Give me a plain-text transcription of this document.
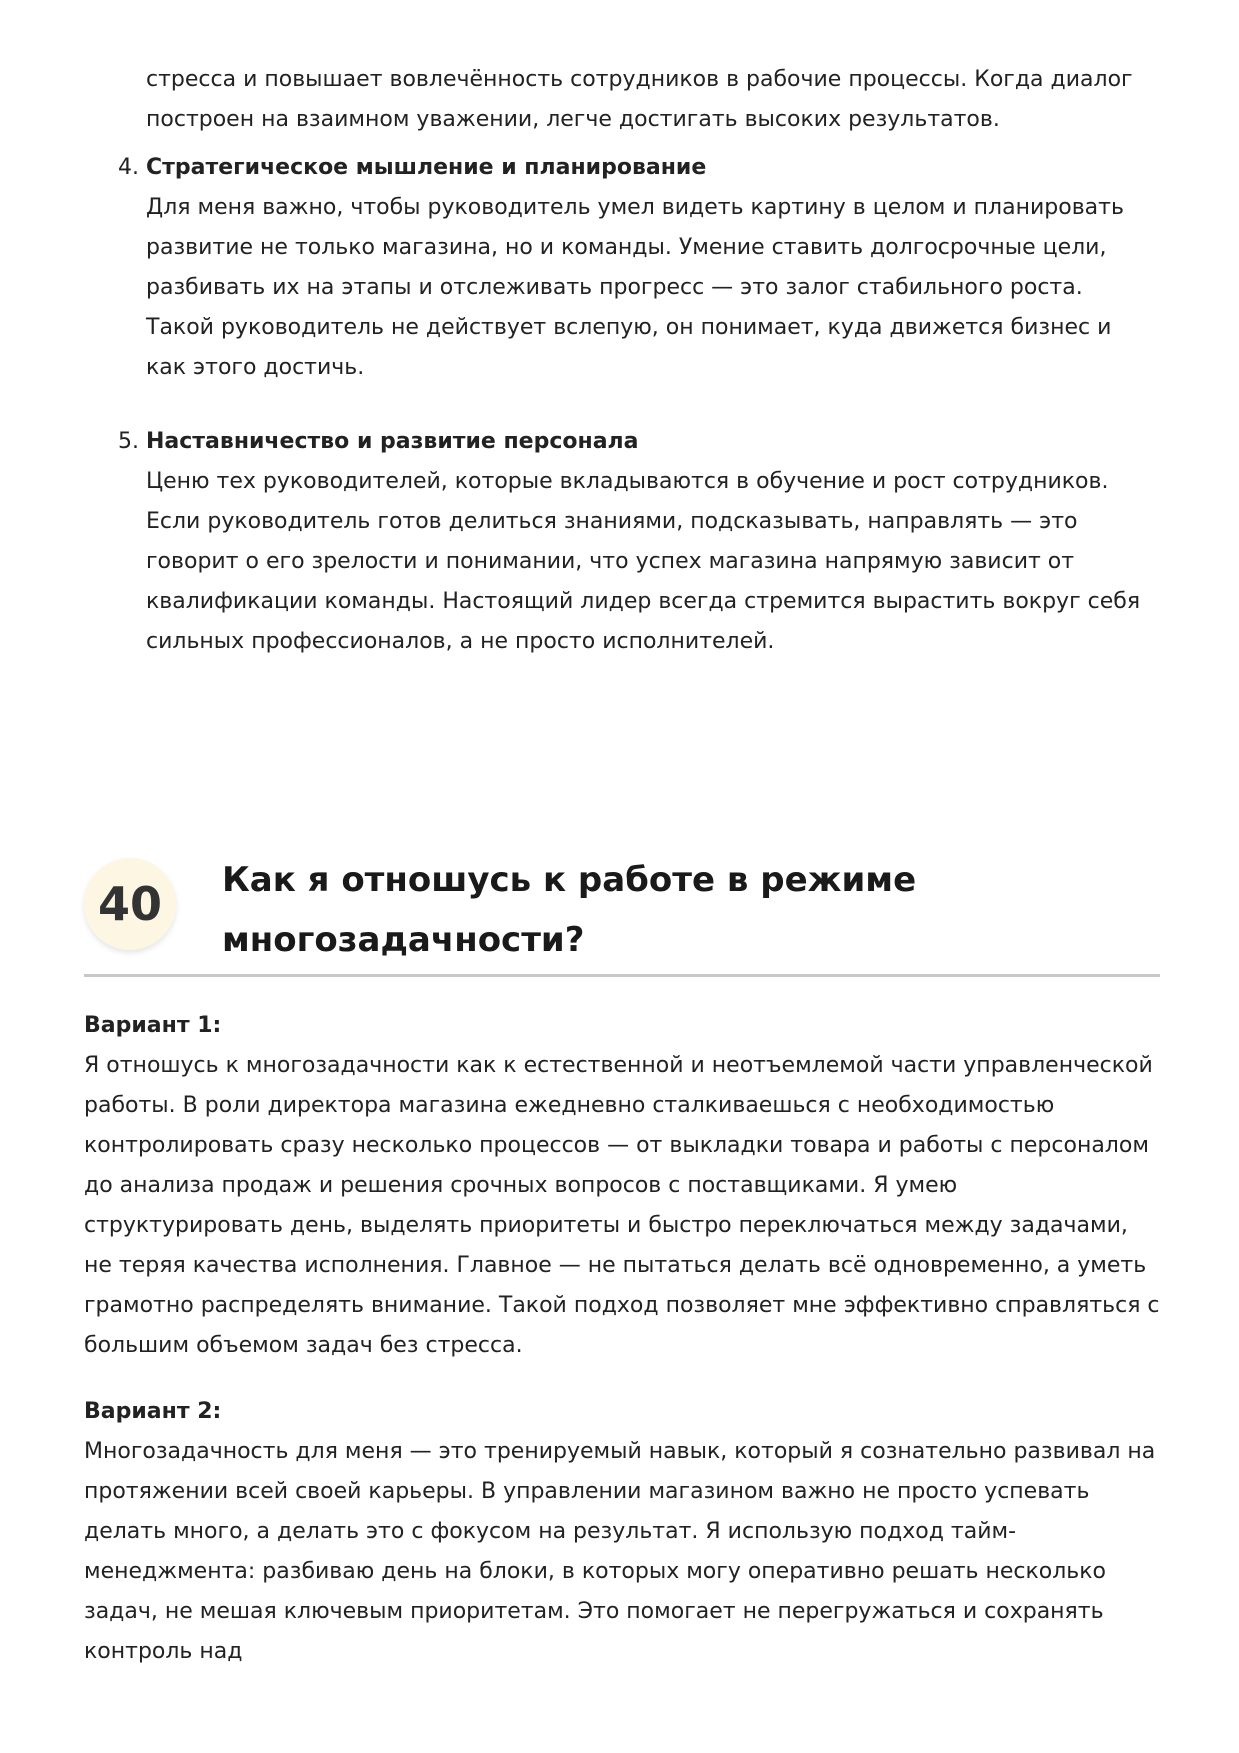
стресса и повышает вовлечённость сотрудников в рабочие процессы. Когда диалог построен на взаимном уважении, легче достигать высоких результатов.

4. Стратегическое мышление и планирование

Для меня важно, чтобы руководитель умел видеть картину в целом и планировать развитие не только магазина, но и команды. Умение ставить долгосрочные цели, разбивать их на этапы и отслеживать прогресс — это залог стабильного роста. Такой руководитель не действует вслепую, он понимает, куда движется бизнес и как этого достичь.

5. Наставничество и развитие персонала

Ценю тех руководителей, которые вкладываются в обучение и рост сотрудников. Если руководитель готов делиться знаниями, подсказывать, направлять — это говорит о его зрелости и понимании, что успех магазина напрямую зависит от квалификации команды. Настоящий лидер всегда стремится вырастить вокруг себя сильных профессионалов, а не просто исполнителей.

40	Как я отношусь к работе в режиме многозадачности?

Вариант 1:

Я отношусь к многозадачности как к естественной и неотъемлемой части управленческой работы. В роли директора магазина ежедневно сталкиваешься с необходимостью контролировать сразу несколько процессов — от выкладки товара и работы с персоналом до анализа продаж и решения срочных вопросов с поставщиками. Я умею структурировать день, выделять приоритеты и быстро переключаться между задачами, не теряя качества исполнения. Главное — не пытаться делать всё одновременно, а уметь грамотно распределять внимание. Такой подход позволяет мне эффективно справляться с большим объемом задач без стресса.

Вариант 2:

Многозадачность для меня — это тренируемый навык, который я сознательно развивал на протяжении всей своей карьеры. В управлении магазином важно не просто успевать делать много, а делать это с фокусом на результат. Я использую подход тайм-менеджмента: разбиваю день на блоки, в которых могу оперативно решать несколько задач, не мешая ключевым приоритетам. Это помогает не перегружаться и сохранять контроль над
